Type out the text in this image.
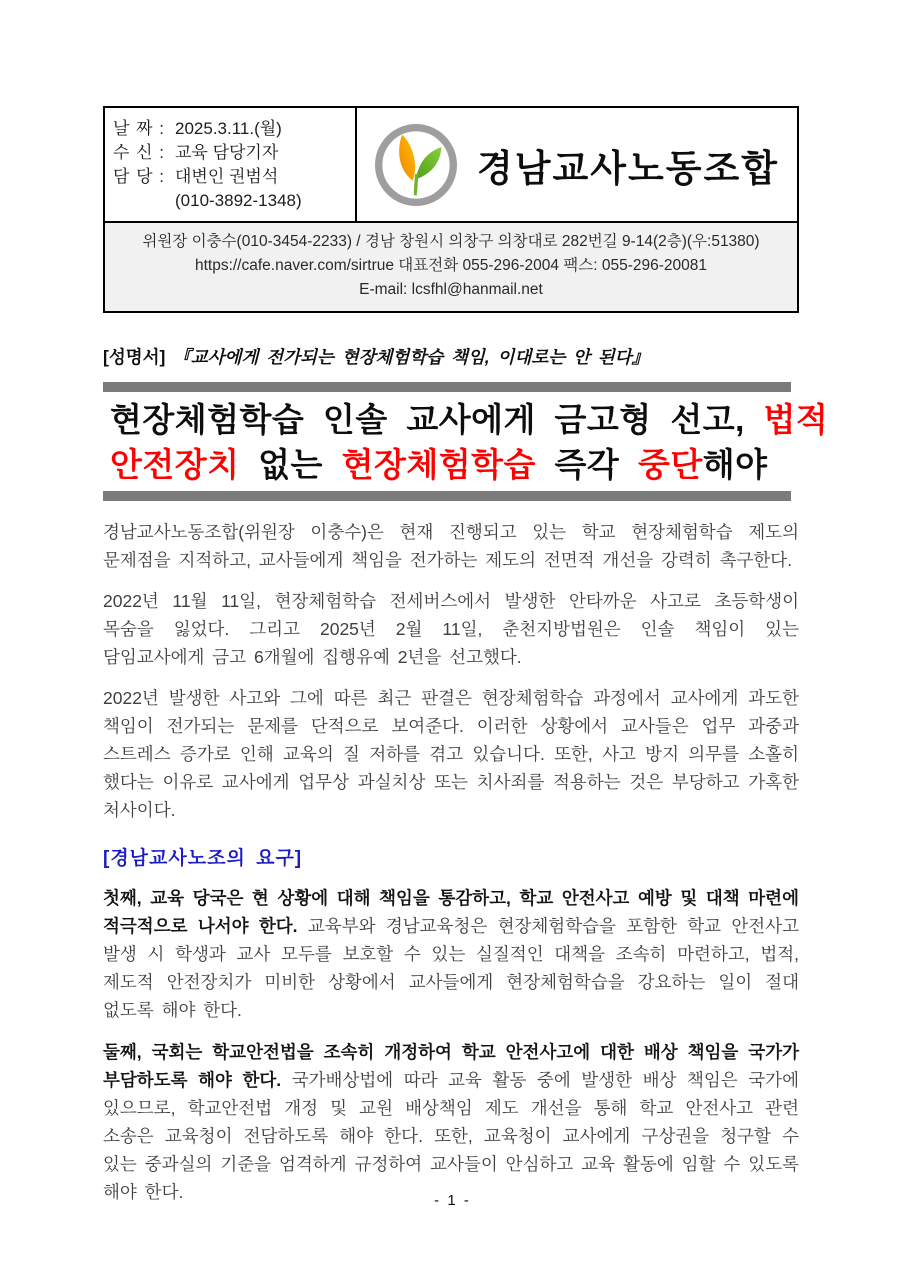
날 짜 : 2025.3.11.(월)
수 신 : 교육 담당기자
담 당 : 대변인 권범석
(010-3892-1348)
경남교사노동조합 경남교사노동조합
위원장 이충수(010-3454-2233) / 경남 창원시 의창구 의창대로 282번길 9-14(2층)(우:51380)
https://cafe.naver.com/sirtrue 대표전화 055-296-2004 팩스: 055-296-20081
E-mail: lcsfhl@hanmail.net
[성명서] 『교사에게 전가되는 현장체험학습 책임, 이대로는 안 된다』
현장체험학습 인솔 교사에게 금고형 선고, 법적
안전장치 없는 현장체험학습 즉각 중단해야

경남교사노동조합(위원장 이충수)은 현재 진행되고 있는 학교 현장체험학습 제도의 문제점을 지적하고, 교사들에게 책임을 전가하는 제도의 전면적 개선을 강력히 촉구한다.

2022년 11월 11일, 현장체험학습 전세버스에서 발생한 안타까운 사고로 초등학생이 목숨을 잃었다. 그리고 2025년 2월 11일, 춘천지방법원은 인솔 책임이 있는 담임교사에게 금고 6개월에 집행유예 2년을 선고했다.

2022년 발생한 사고와 그에 따른 최근 판결은 현장체험학습 과정에서 교사에게 과도한 책임이 전가되는 문제를 단적으로 보여준다. 이러한 상황에서 교사들은 업무 과중과 스트레스 증가로 인해 교육의 질 저하를 겪고 있습니다. 또한, 사고 방지 의무를 소홀히 했다는 이유로 교사에게 업무상 과실치상 또는 치사죄를 적용하는 것은 부당하고 가혹한 처사이다.

[경남교사노조의 요구]

첫째, 교육 당국은 현 상황에 대해 책임을 통감하고, 학교 안전사고 예방 및 대책 마련에 적극적으로 나서야 한다. 교육부와 경남교육청은 현장체험학습을 포함한 학교 안전사고 발생 시 학생과 교사 모두를 보호할 수 있는 실질적인 대책을 조속히 마련하고, 법적, 제도적 안전장치가 미비한 상황에서 교사들에게 현장체험학습을 강요하는 일이 절대 없도록 해야 한다.

둘째, 국회는 학교안전법을 조속히 개정하여 학교 안전사고에 대한 배상 책임을 국가가 부담하도록 해야 한다. 국가배상법에 따라 교육 활동 중에 발생한 배상 책임은 국가에 있으므로, 학교안전법 개정 및 교원 배상책임 제도 개선을 통해 학교 안전사고 관련 소송은 교육청이 전담하도록 해야 한다. 또한, 교육청이 교사에게 구상권을 청구할 수 있는 중과실의 기준을 엄격하게 규정하여 교사들이 안심하고 교육 활동에 임할 수 있도록 해야 한다.	- 1 -
